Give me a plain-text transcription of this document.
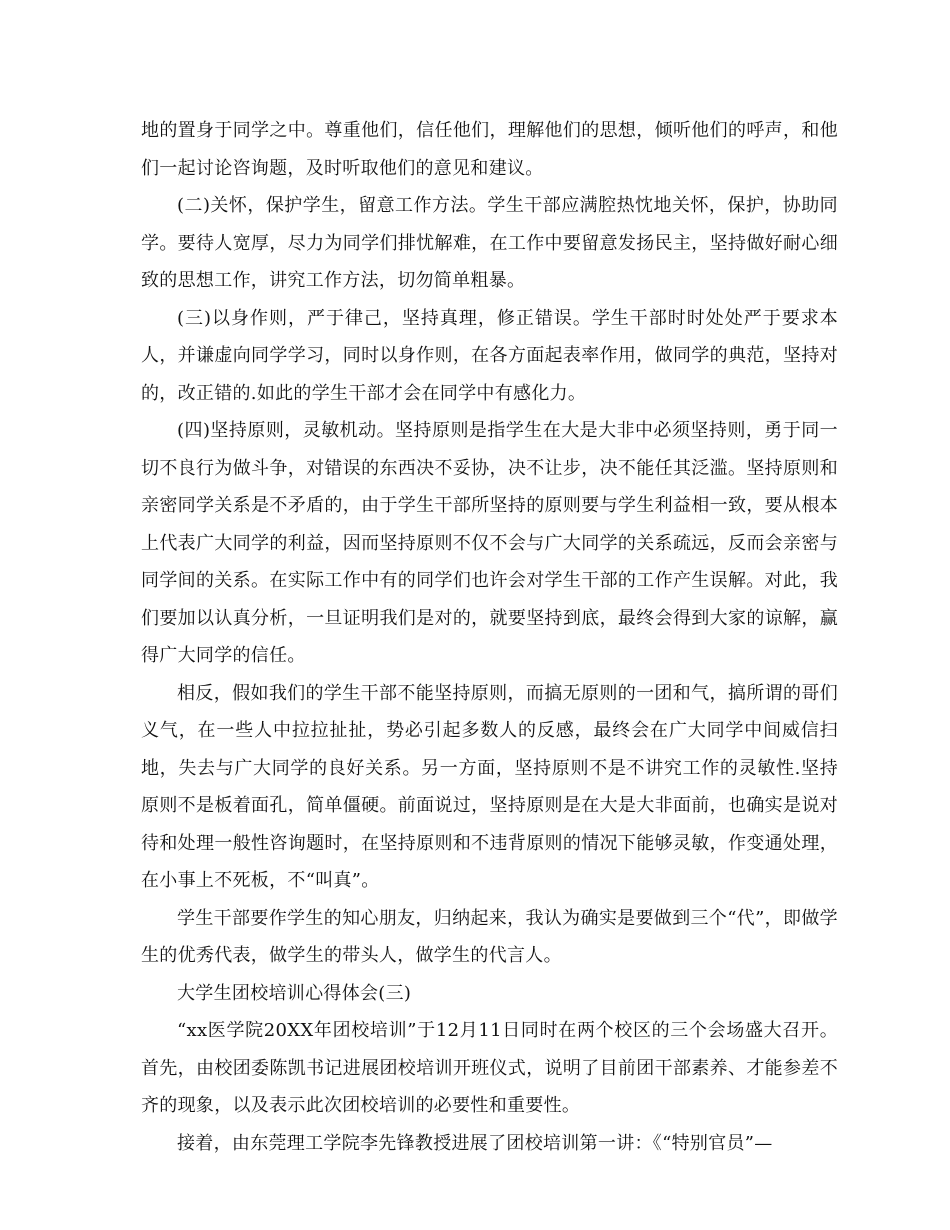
地的置身于同学之中。尊重他们，信任他们，理解他们的思想，倾听他们的呼声，和他们一起讨论咨询题，及时听取他们的意见和建议。

(二)关怀，保护学生，留意工作方法。学生干部应满腔热忱地关怀，保护，协助同学。要待人宽厚，尽力为同学们排忧解难，在工作中要留意发扬民主，坚持做好耐心细致的思想工作，讲究工作方法，切勿简单粗暴。

(三)以身作则，严于律己，坚持真理，修正错误。学生干部时时处处严于要求本人，并谦虚向同学学习，同时以身作则，在各方面起表率作用，做同学的典范，坚持对的，改正错的.如此的学生干部才会在同学中有感化力。

(四)坚持原则，灵敏机动。坚持原则是指学生在大是大非中必须坚持则，勇于同一切不良行为做斗争，对错误的东西决不妥协，决不让步，决不能任其泛滥。坚持原则和亲密同学关系是不矛盾的，由于学生干部所坚持的原则要与学生利益相一致，要从根本上代表广大同学的利益，因而坚持原则不仅不会与广大同学的关系疏远，反而会亲密与同学间的关系。在实际工作中有的同学们也许会对学生干部的工作产生误解。对此，我们要加以认真分析，一旦证明我们是对的，就要坚持到底，最终会得到大家的谅解，赢得广大同学的信任。

相反，假如我们的学生干部不能坚持原则，而搞无原则的一团和气，搞所谓的哥们义气，在一些人中拉拉扯扯，势必引起多数人的反感，最终会在广大同学中间威信扫地，失去与广大同学的良好关系。另一方面，坚持原则不是不讲究工作的灵敏性.坚持原则不是板着面孔，简单僵硬。前面说过，坚持原则是在大是大非面前，也确实是说对待和处理一般性咨询题时，在坚持原则和不违背原则的情况下能够灵敏，作变通处理，在小事上不死板，不“叫真”。

学生干部要作学生的知心朋友，归纳起来，我认为确实是要做到三个“代”，即做学生的优秀代表，做学生的带头人，做学生的代言人。

大学生团校培训心得体会(三)

“xx医学院20XX年团校培训”于12月11日同时在两个校区的三个会场盛大召开。首先，由校团委陈凯书记进展团校培训开班仪式，说明了目前团干部素养、才能参差不齐的现象，以及表示此次团校培训的必要性和重要性。

接着，由东莞理工学院李先锋教授进展了团校培训第一讲：《“特别官员”—
